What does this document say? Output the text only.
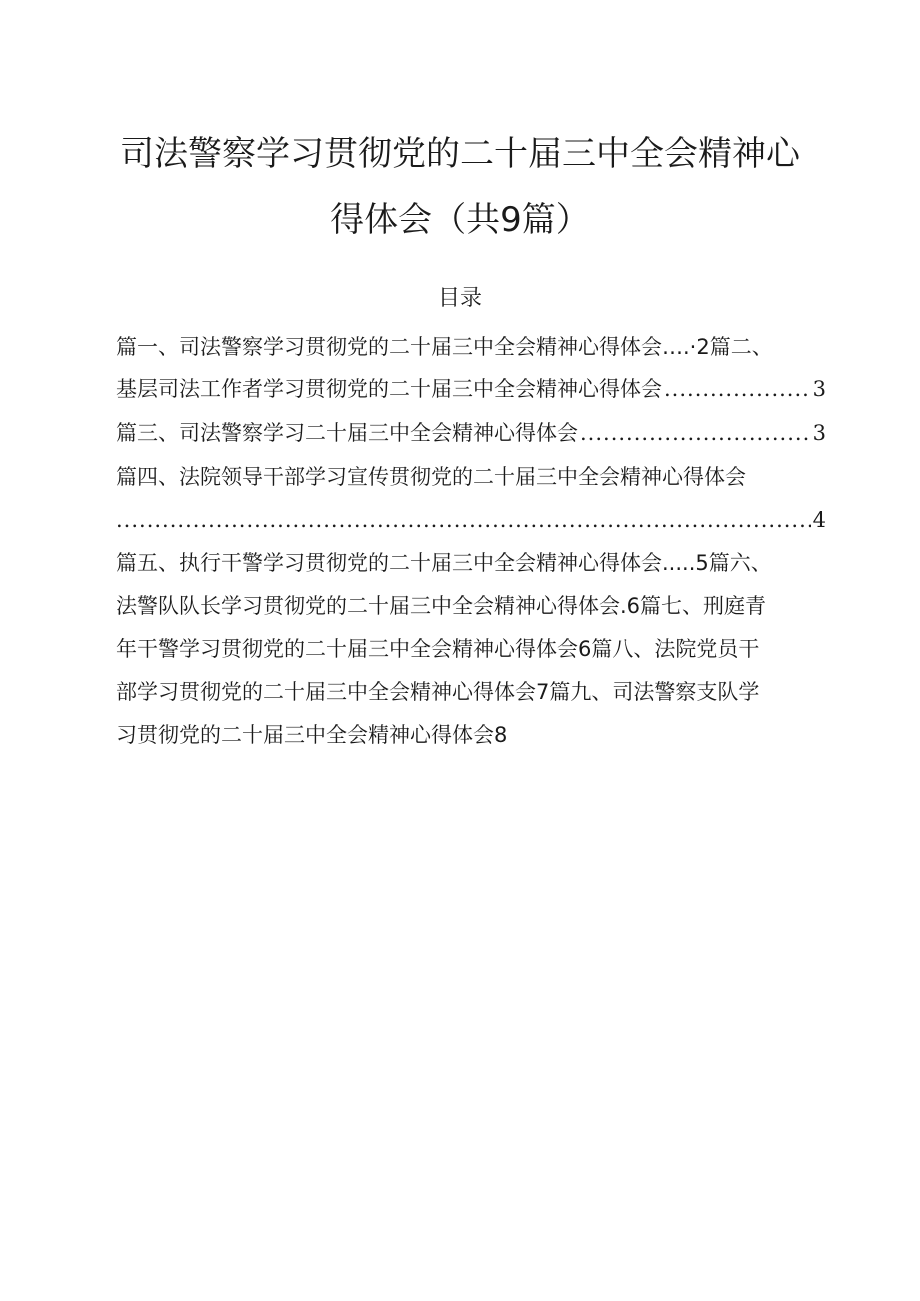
司法警察学习贯彻党的二十届三中全会精神心
得体会（共9篇）
目录
篇一、司法警察学习贯彻党的二十届三中全会精神心得体会….·2篇二、
基层司法工作者学习贯彻党的二十届三中全会精神心得体会 .....	3
篇三、司法警察学习二十届三中全会精神心得体会 .....	3
篇四、法院领导干部学习宣传贯彻党的二十届三中全会精神心得体会
.....
4
篇五、执行干警学习贯彻党的二十届三中全会精神心得体会.....5篇六、
法警队队长学习贯彻党的二十届三中全会精神心得体会.6篇七、刑庭青
年干警学习贯彻党的二十届三中全会精神心得体会6篇八、法院党员干
部学习贯彻党的二十届三中全会精神心得体会7篇九、司法警察支队学
习贯彻党的二十届三中全会精神心得体会8
